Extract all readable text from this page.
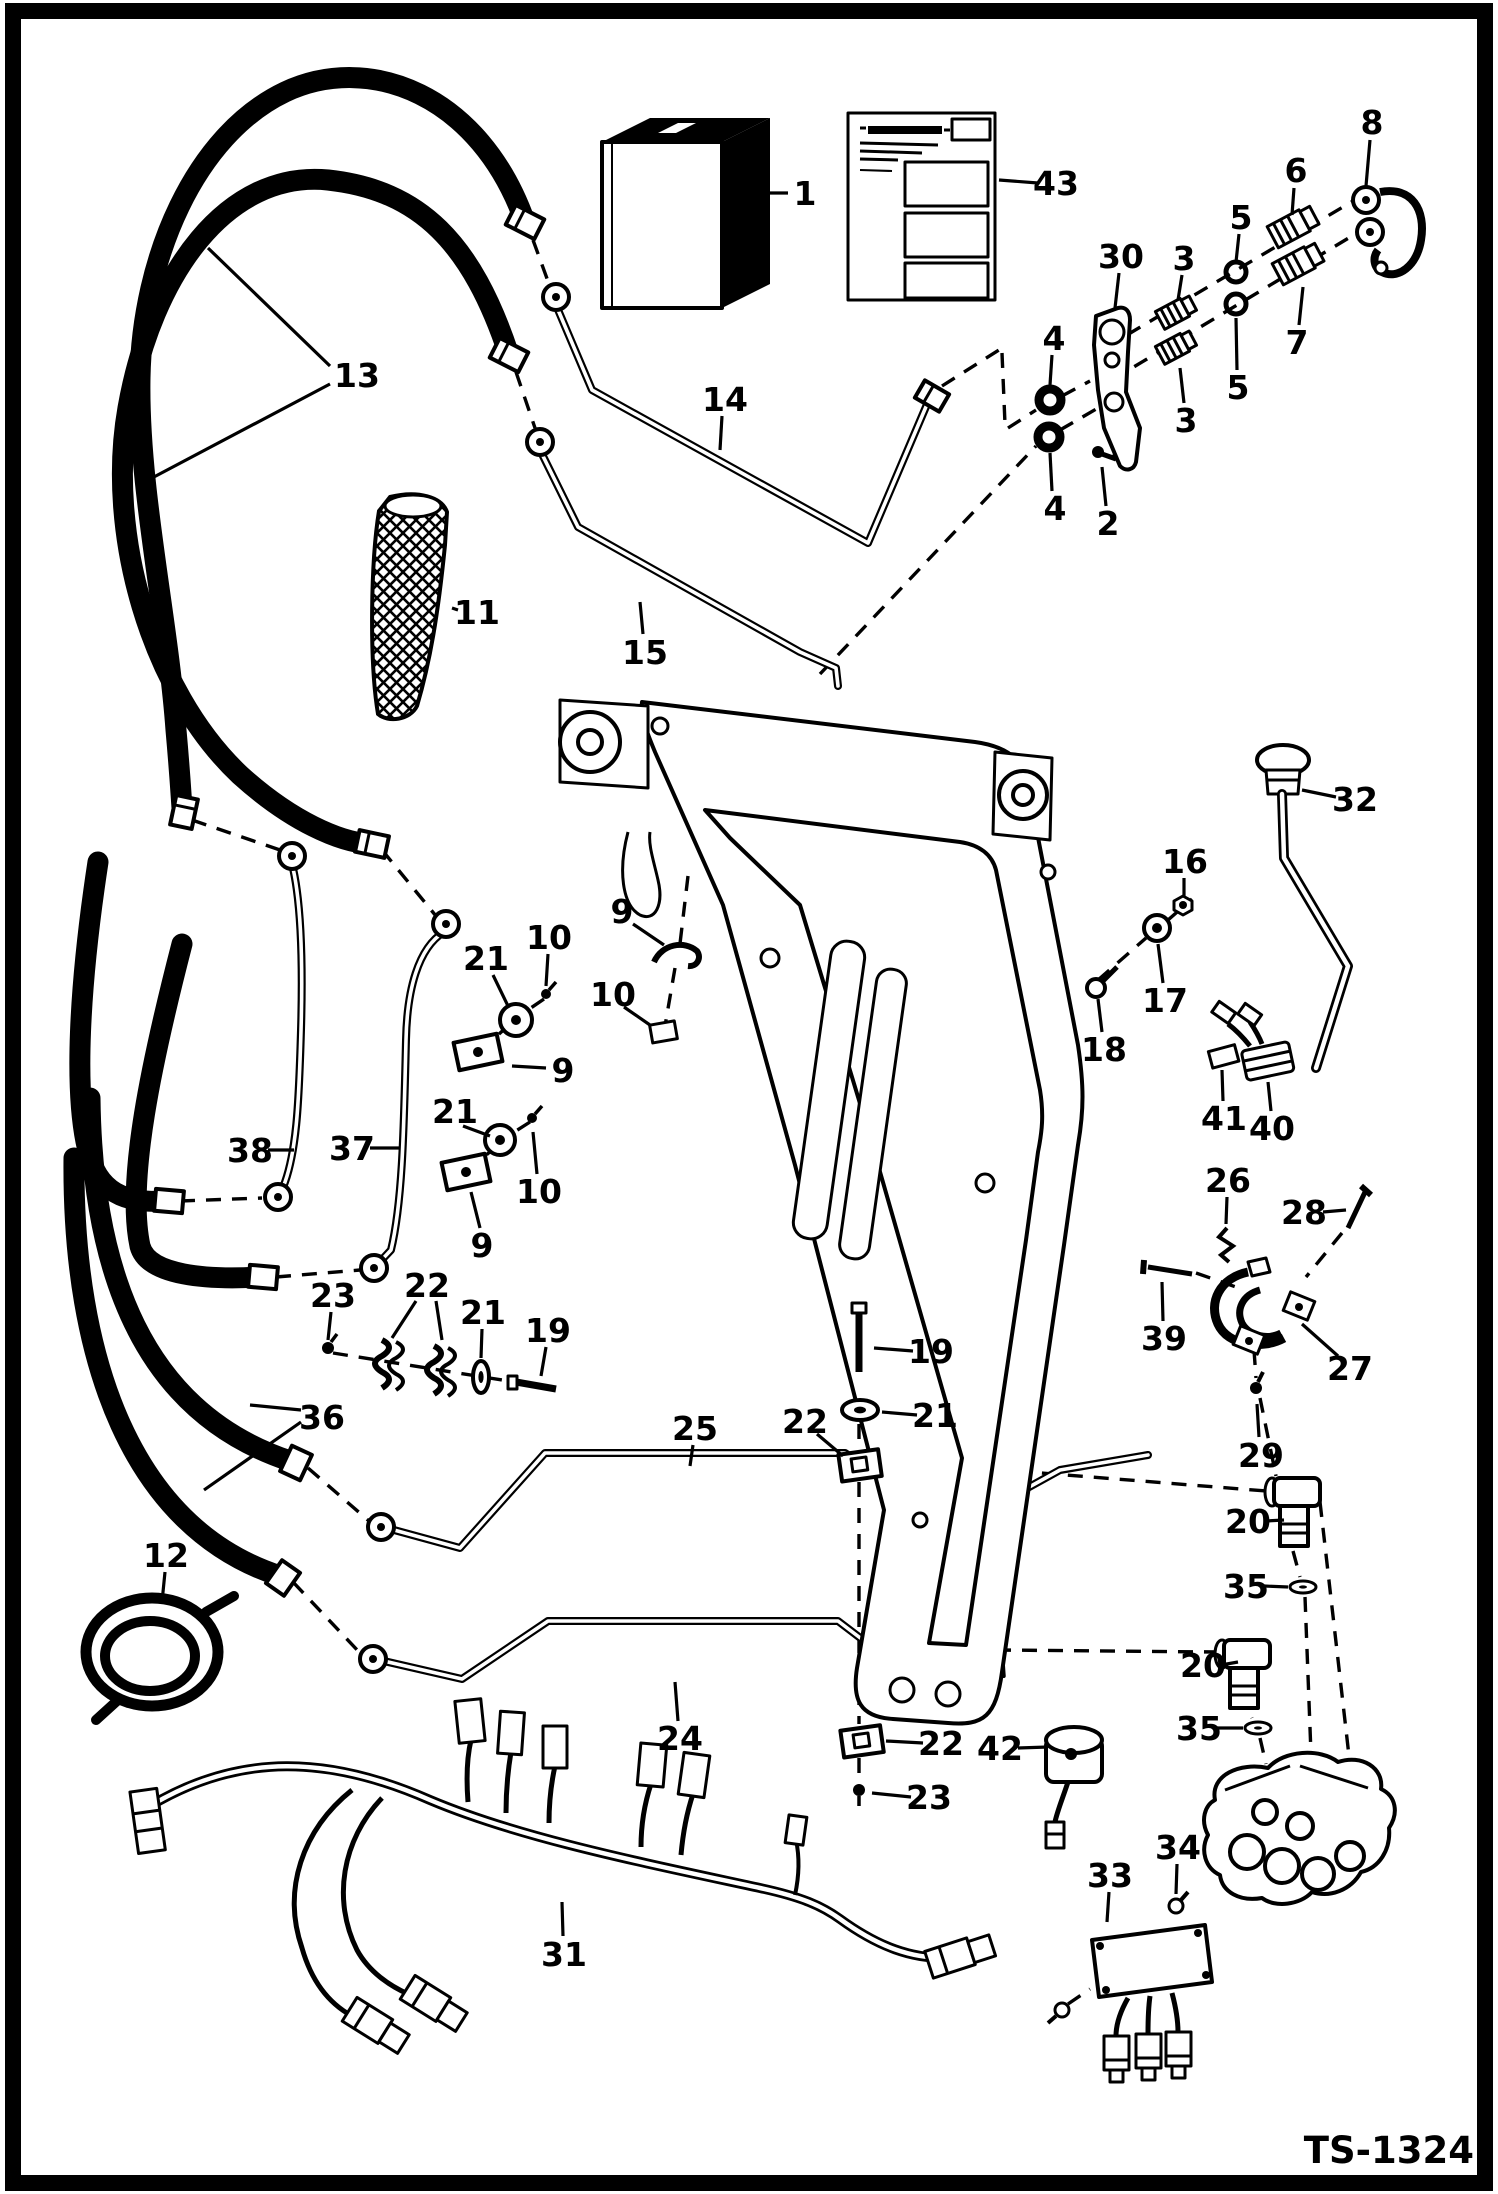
1	43
8
6
5
30 3
7
5
3
4
4 2
13
14
11
15
32
16
17
18
41 40
26
28
39
27
29
20
35
20
35
9
10
21
10
9
21
10
9
38 37
23 22
21 19
36	25
24
19
21
22
22
23
12
31
42
33
34
TS-1324
